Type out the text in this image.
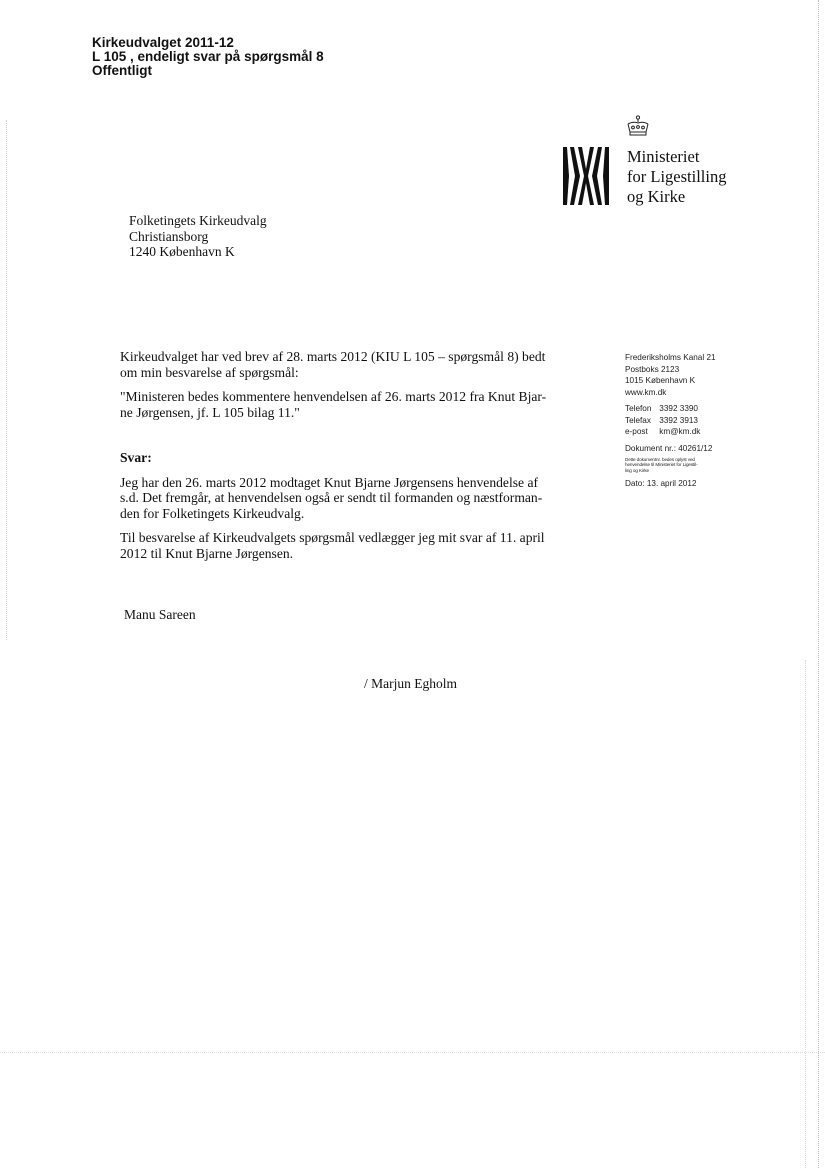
Kirkeudvalget 2011-12
L 105 , endeligt svar på spørgsmål 8
Offentligt
Ministeriet
for Ligestilling
og Kirke
Folketingets Kirkeudvalg
Christiansborg
1240 København K

Kirkeudvalget har ved brev af 28. marts 2012 (KIU L 105 – spørgsmål 8) bedt
om min besvarelse af spørgsmål:

"Ministeren bedes kommentere henvendelsen af 26. marts 2012 fra Knut Bjar-
ne Jørgensen, jf. L 105 bilag 11."

Svar:

Jeg har den 26. marts 2012 modtaget Knut Bjarne Jørgensens henvendelse af
s.d. Det fremgår, at henvendelsen også er sendt til formanden og næstforman-
den for Folketingets Kirkeudvalg.

Til besvarelse af Kirkeudvalgets spørgsmål vedlægger jeg mit svar af 11. april
2012 til Knut Bjarne Jørgensen.

Manu Sareen
/ Marjun Egholm
Frederiksholms Kanal 21
Postboks 2123
1015 København K
www.km.dk
Telefon 3392 3390
Telefax 3392 3913
e-post km@km.dk
Dokument nr.: 40261/12
Dette dokumentnr. bedes oplyst ved
henvendelse til Ministeriet for Ligestil-
ling og Kirke
Dato: 13. april 2012
